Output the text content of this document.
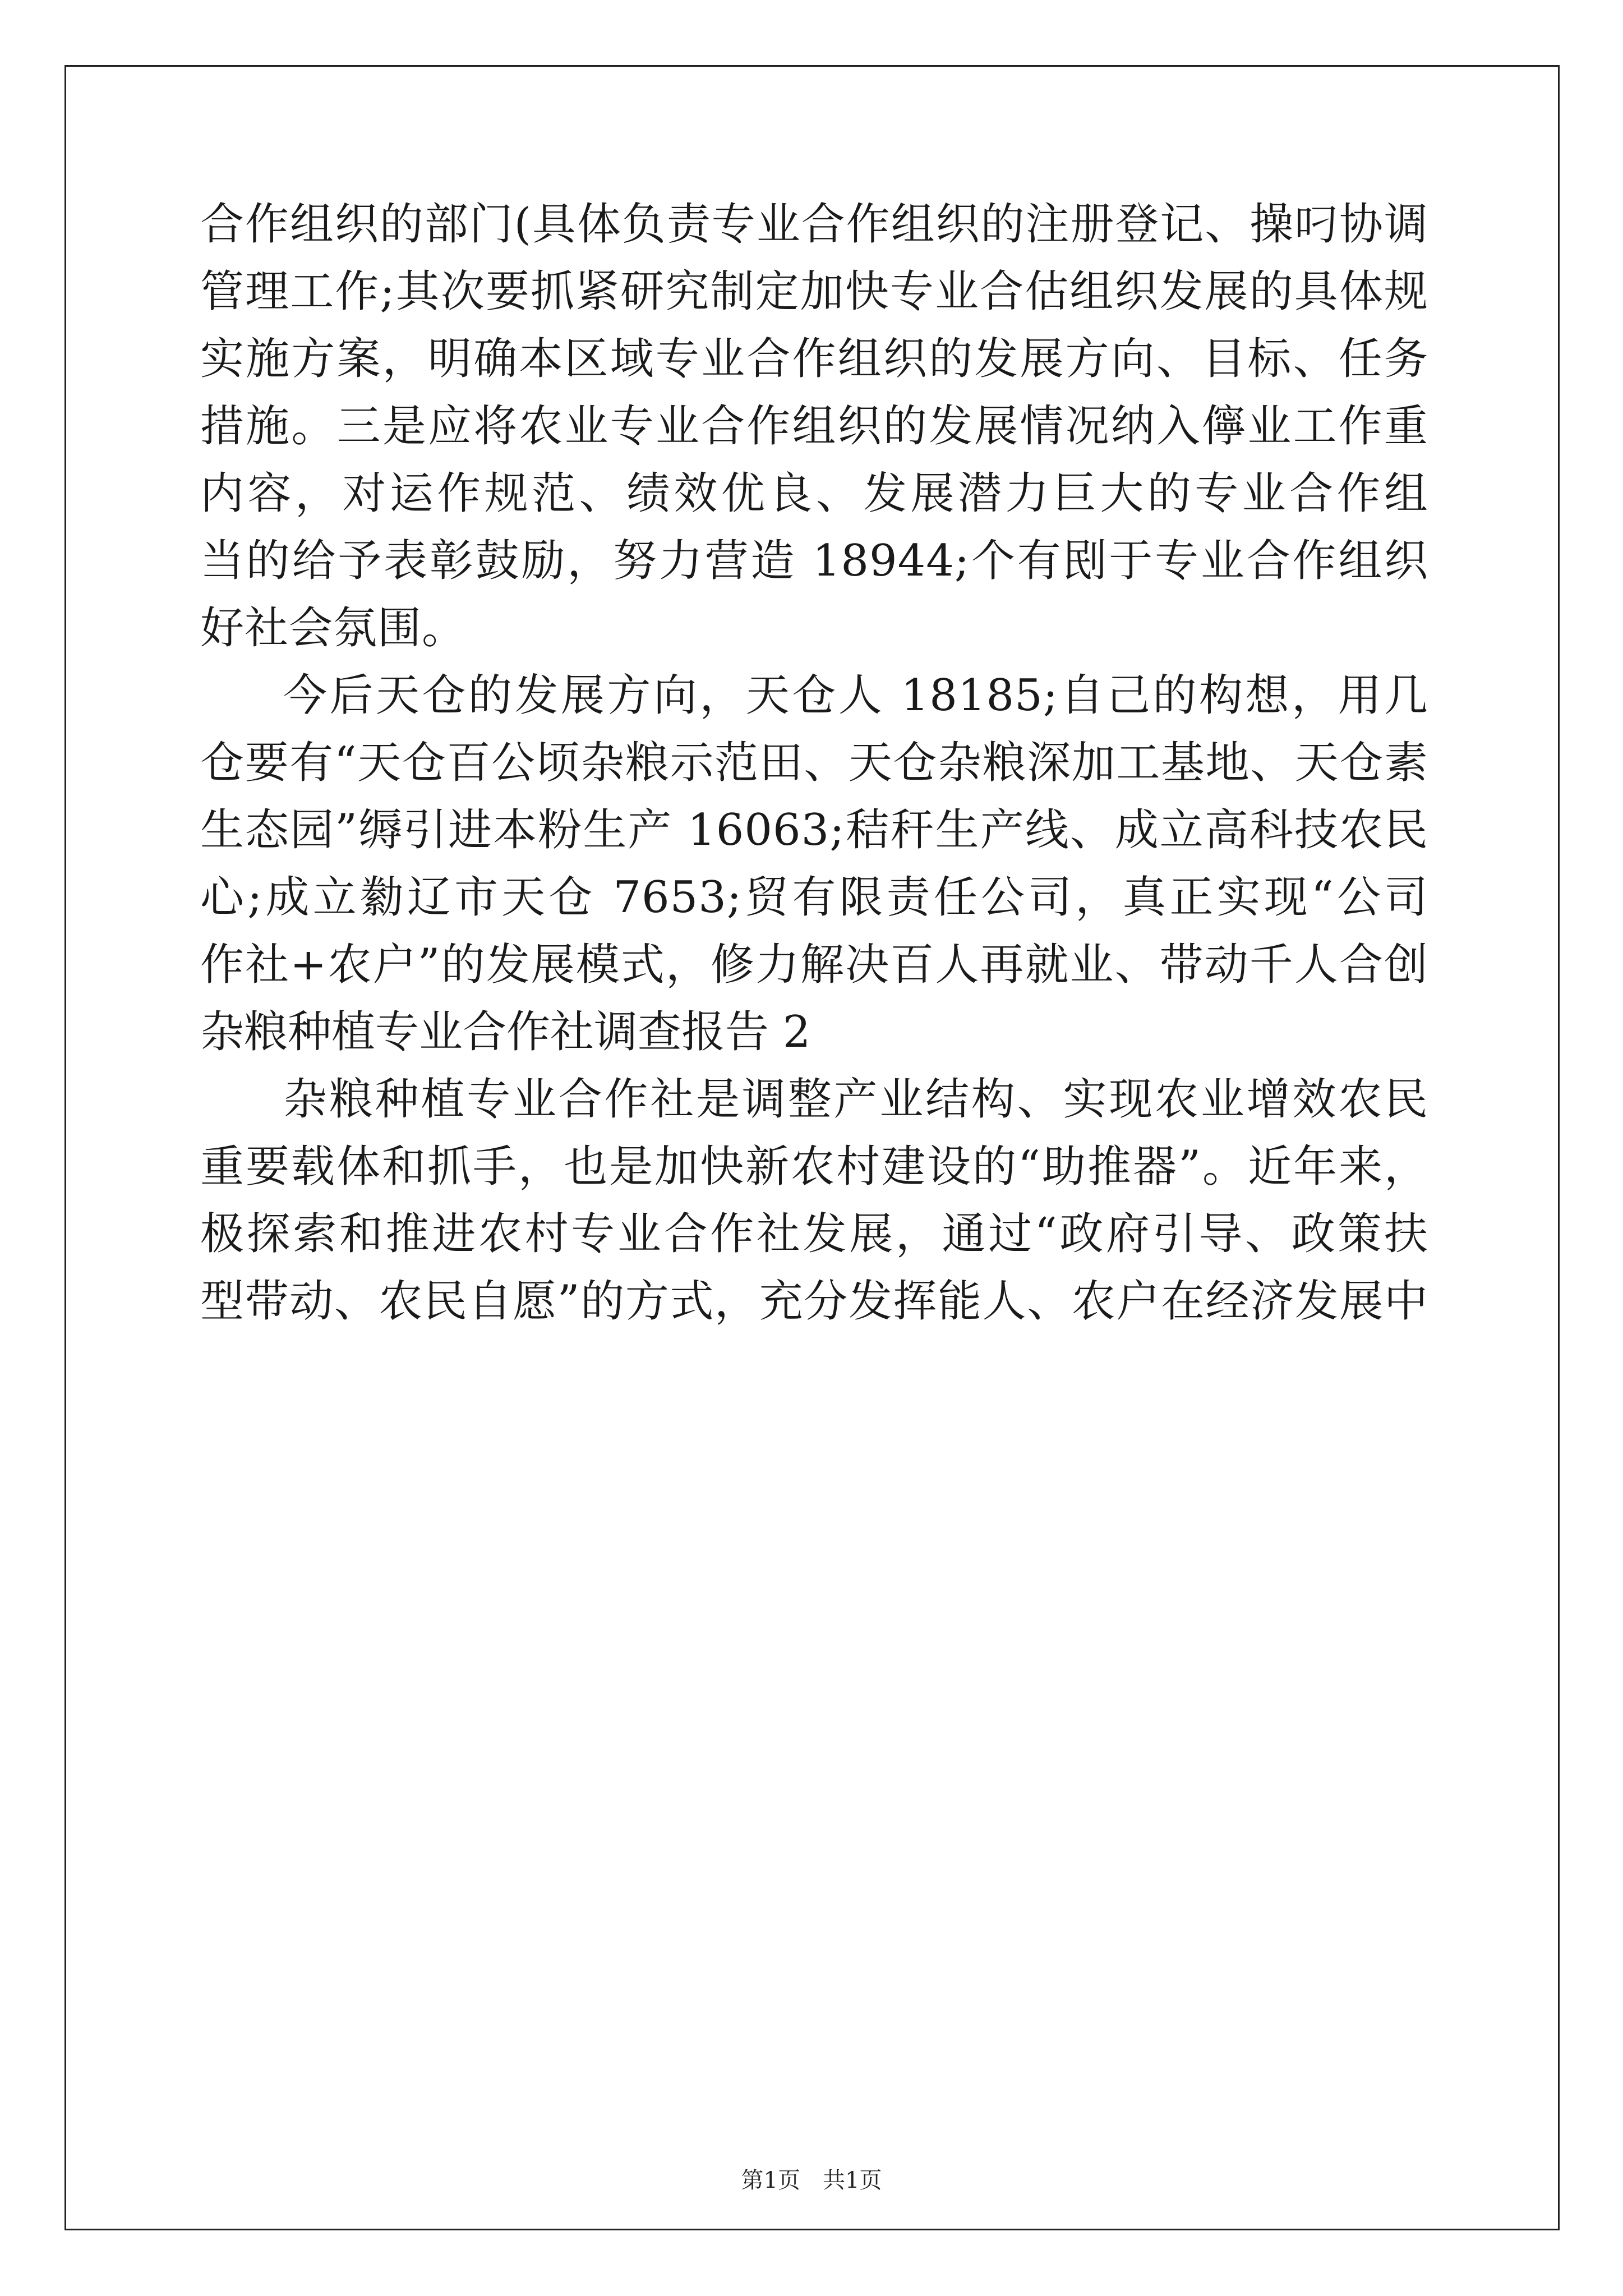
合作组织的部门(具体负责专业合作组织的注册登记、操叼协调
管理工作;其次要抓紧研究制定加快专业合估组织发展的具体规
实施方案，明确本区域专业合作组织的发展方向、目标、任务
措施。三是应将农业专业合作组织的发展情况纳入儜业工作重
内容，对运作规范、绩效优良、发展潜力巨大的专业合作组
当的给予表彰鼓励，努力营造 18944;个有刡于专业合作组织
好社会氛围。
今后天仓的发展方向，天仓人 18185;自己的构想，用几
仓要有“天仓百公顷杂粮示范田、天仓杂粮深加工基地、天仓素
生态园”缛引进本粉生产 16063;秸秆生产线、成立高科技农民
心;成立勬辽市天仓 7653;贸有限责任公司，真正实现“公司
作社+农户”的发展模式，修力解决百人再就业、带动千人合创
杂粮种植专业合作社调查报告 2
杂粮种植专业合作社是调整产业结构、实现农业增效农民
重要载体和抓手，也是加快新农村建设的“助推器”。近年来，
极探索和推进农村专业合作社发展，通过“政府引导、政策扶
型带动、农民自愿”的方式，充分发挥能人、农户在经济发展中
第1页 共1页
